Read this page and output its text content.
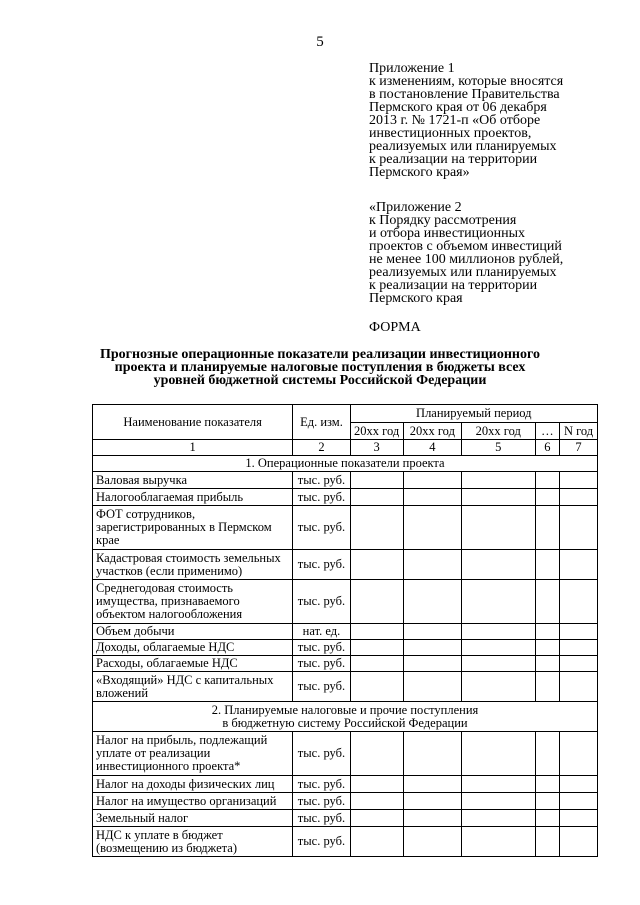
5
Приложение 1
к изменениям, которые вносятся
в постановление Правительства
Пермского края от 06 декабря
2013 г. № 1721-п «Об отборе
инвестиционных проектов,
реализуемых или планируемых
к реализации на территории
Пермского края»
«Приложение 2
к Порядку рассмотрения
и отбора инвестиционных
проектов с объемом инвестиций
не менее 100 миллионов рублей,
реализуемых или планируемых
к реализации на территории
Пермского края
ФОРМА
Прогнозные операционные показатели реализации инвестиционного
проекта и планируемые налоговые поступления в бюджеты всех
уровней бюджетной системы Российской Федерации
Наименование показателя	Ед. изм.	Планируемый период				
		20хх год	20хх год	20хх год	…	N год
1	2	3	4	5	6	7
1. Операционные показатели проекта						

Валовая выручка	тыс. руб.					

Налогооблагаемая прибыль	тыс. руб.					

ФОТ сотрудников,
зарегистрированных в Пермском
крае	тыс. руб.					

Кадастровая стоимость земельных
участков (если применимо)	тыс. руб.					

Среднегодовая стоимость
имущества, признаваемого
объектом налогообложения	тыс. руб.					

Объем добычи	нат. ед.					

Доходы, облагаемые НДС	тыс. руб.					

Расходы, облагаемые НДС	тыс. руб.					

«Входящий» НДС с капитальных
вложений	тыс. руб.					

2. Планируемые налоговые и прочие поступления
в бюджетную систему Российской Федерации						

Налог на прибыль, подлежащий
уплате от реализации
инвестиционного проекта*	тыс. руб.					

Налог на доходы физических лиц	тыс. руб.					

Налог на имущество организаций	тыс. руб.					

Земельный налог	тыс. руб.					

НДС к уплате в бюджет
(возмещению из бюджета)	тыс. руб.					
